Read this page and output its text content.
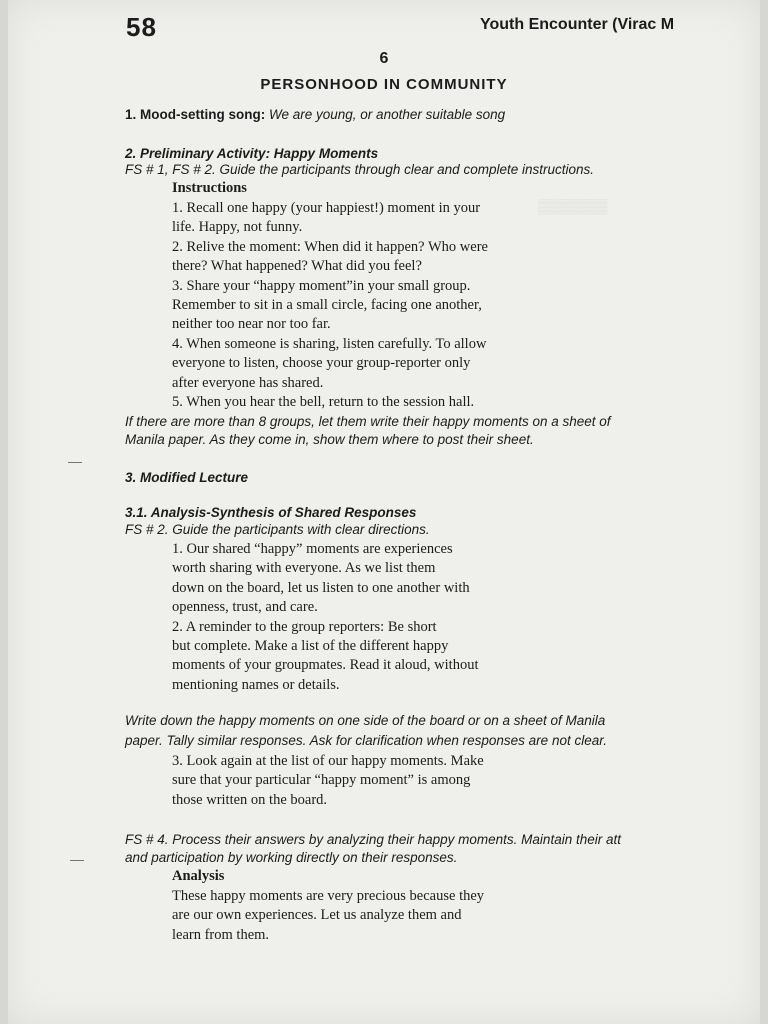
▒▒▒▒▒▒▒
58	Youth Encounter (Virac M
6
PERSONHOOD IN COMMUNITY
1. Mood-setting song: We are young, or another suitable song
2. Preliminary Activity: Happy Moments
FS # 1, FS # 2. Guide the participants through clear and complete instructions.
Instructions
1. Recall one happy (your happiest!) moment in your
life. Happy, not funny.
2. Relive the moment: When did it happen? Who were
there? What happened? What did you feel?
3. Share your “happy moment”in your small group.
Remember to sit in a small circle, facing one another,
neither too near nor too far.
4. When someone is sharing, listen carefully. To allow
everyone to listen, choose your group-reporter only
after everyone has shared.
5. When you hear the bell, return to the session hall.
If there are more than 8 groups, let them write their happy moments on a sheet of
Manila paper. As they come in, show them where to post their sheet.
3. Modified Lecture
3.1. Analysis-Synthesis of Shared Responses
FS # 2. Guide the participants with clear directions.
1. Our shared “happy” moments are experiences
worth sharing with everyone. As we list them
down on the board, let us listen to one another with
openness, trust, and care.
2. A reminder to the group reporters: Be short
but complete. Make a list of the different happy
moments of your groupmates. Read it aloud, without
mentioning names or details.
Write down the happy moments on one side of the board or on a sheet of Manila
paper. Tally similar responses. Ask for clarification when responses are not clear.
3. Look again at the list of our happy moments. Make
sure that your particular “happy moment” is among
those written on the board.
FS # 4. Process their answers by analyzing their happy moments. Maintain their att
and participation by working directly on their responses.
Analysis
These happy moments are very precious because they
are our own experiences. Let us analyze them and
learn from them.
